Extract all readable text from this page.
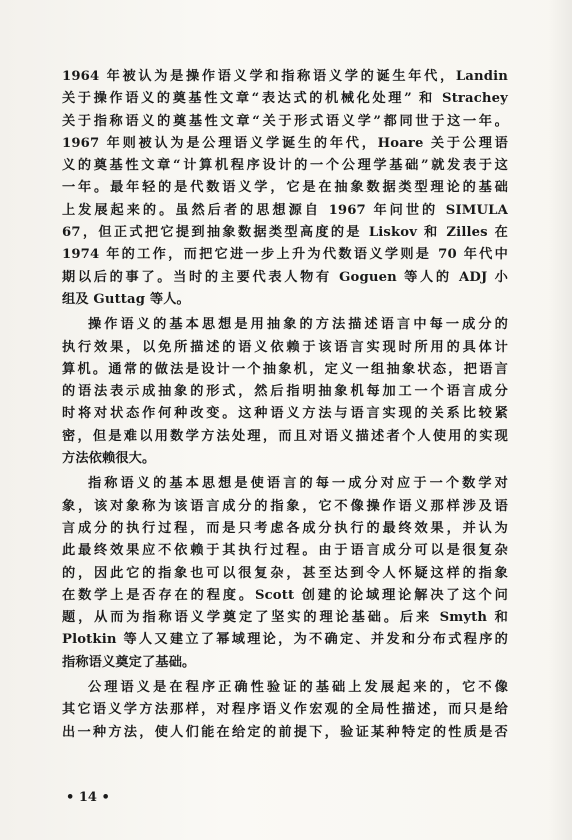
1964 年被认为是操作语义学和指称语义学的诞生年代，Landin
关于操作语义的奠基性文章“表达式的机械化处理” 和 Strachey
关于指称语义的奠基性文章“关于形式语义学”都同世于这一年。
1967 年则被认为是公理语义学诞生的年代，Hoare 关于公理语
义的奠基性文章“计算机程序设计的一个公理学基础”就发表于这
一年。最年轻的是代数语义学，它是在抽象数据类型理论的基础
上发展起来的。虽然后者的思想源自 1967 年问世的 SIMULA
67，但正式把它提到抽象数据类型高度的是 Liskov 和 Zilles 在
1974 年的工作，而把它进一步上升为代数语义学则是 70 年代中
期以后的事了。当时的主要代表人物有 Goguen 等人的 ADJ 小
组及 Guttag 等人。
操作语义的基本思想是用抽象的方法描述语言中每一成分的
执行效果，以免所描述的语义依赖于该语言实现时所用的具体计
算机。通常的做法是设计一个抽象机，定义一组抽象状态，把语言
的语法表示成抽象的形式，然后指明抽象机每加工一个语言成分
时将对状态作何种改变。这种语义方法与语言实现的关系比较紧
密，但是难以用数学方法处理，而且对语义描述者个人使用的实现
方法依赖很大。
指称语义的基本思想是使语言的每一成分对应于一个数学对
象，该对象称为该语言成分的指象，它不像操作语义那样涉及语
言成分的执行过程，而是只考虑各成分执行的最终效果，并认为
此最终效果应不依赖于其执行过程。由于语言成分可以是很复杂
的，因此它的指象也可以很复杂，甚至达到令人怀疑这样的指象
在数学上是否存在的程度。Scott 创建的论域理论解决了这个问
题，从而为指称语义学奠定了坚实的理论基础。后来 Smyth 和
Plotkin 等人又建立了幂域理论，为不确定、并发和分布式程序的
指称语义奠定了基础。
公理语义是在程序正确性验证的基础上发展起来的，它不像
其它语义学方法那样，对程序语义作宏观的全局性描述，而只是给
出一种方法，使人们能在给定的前提下，验证某种特定的性质是否
• 14 •
